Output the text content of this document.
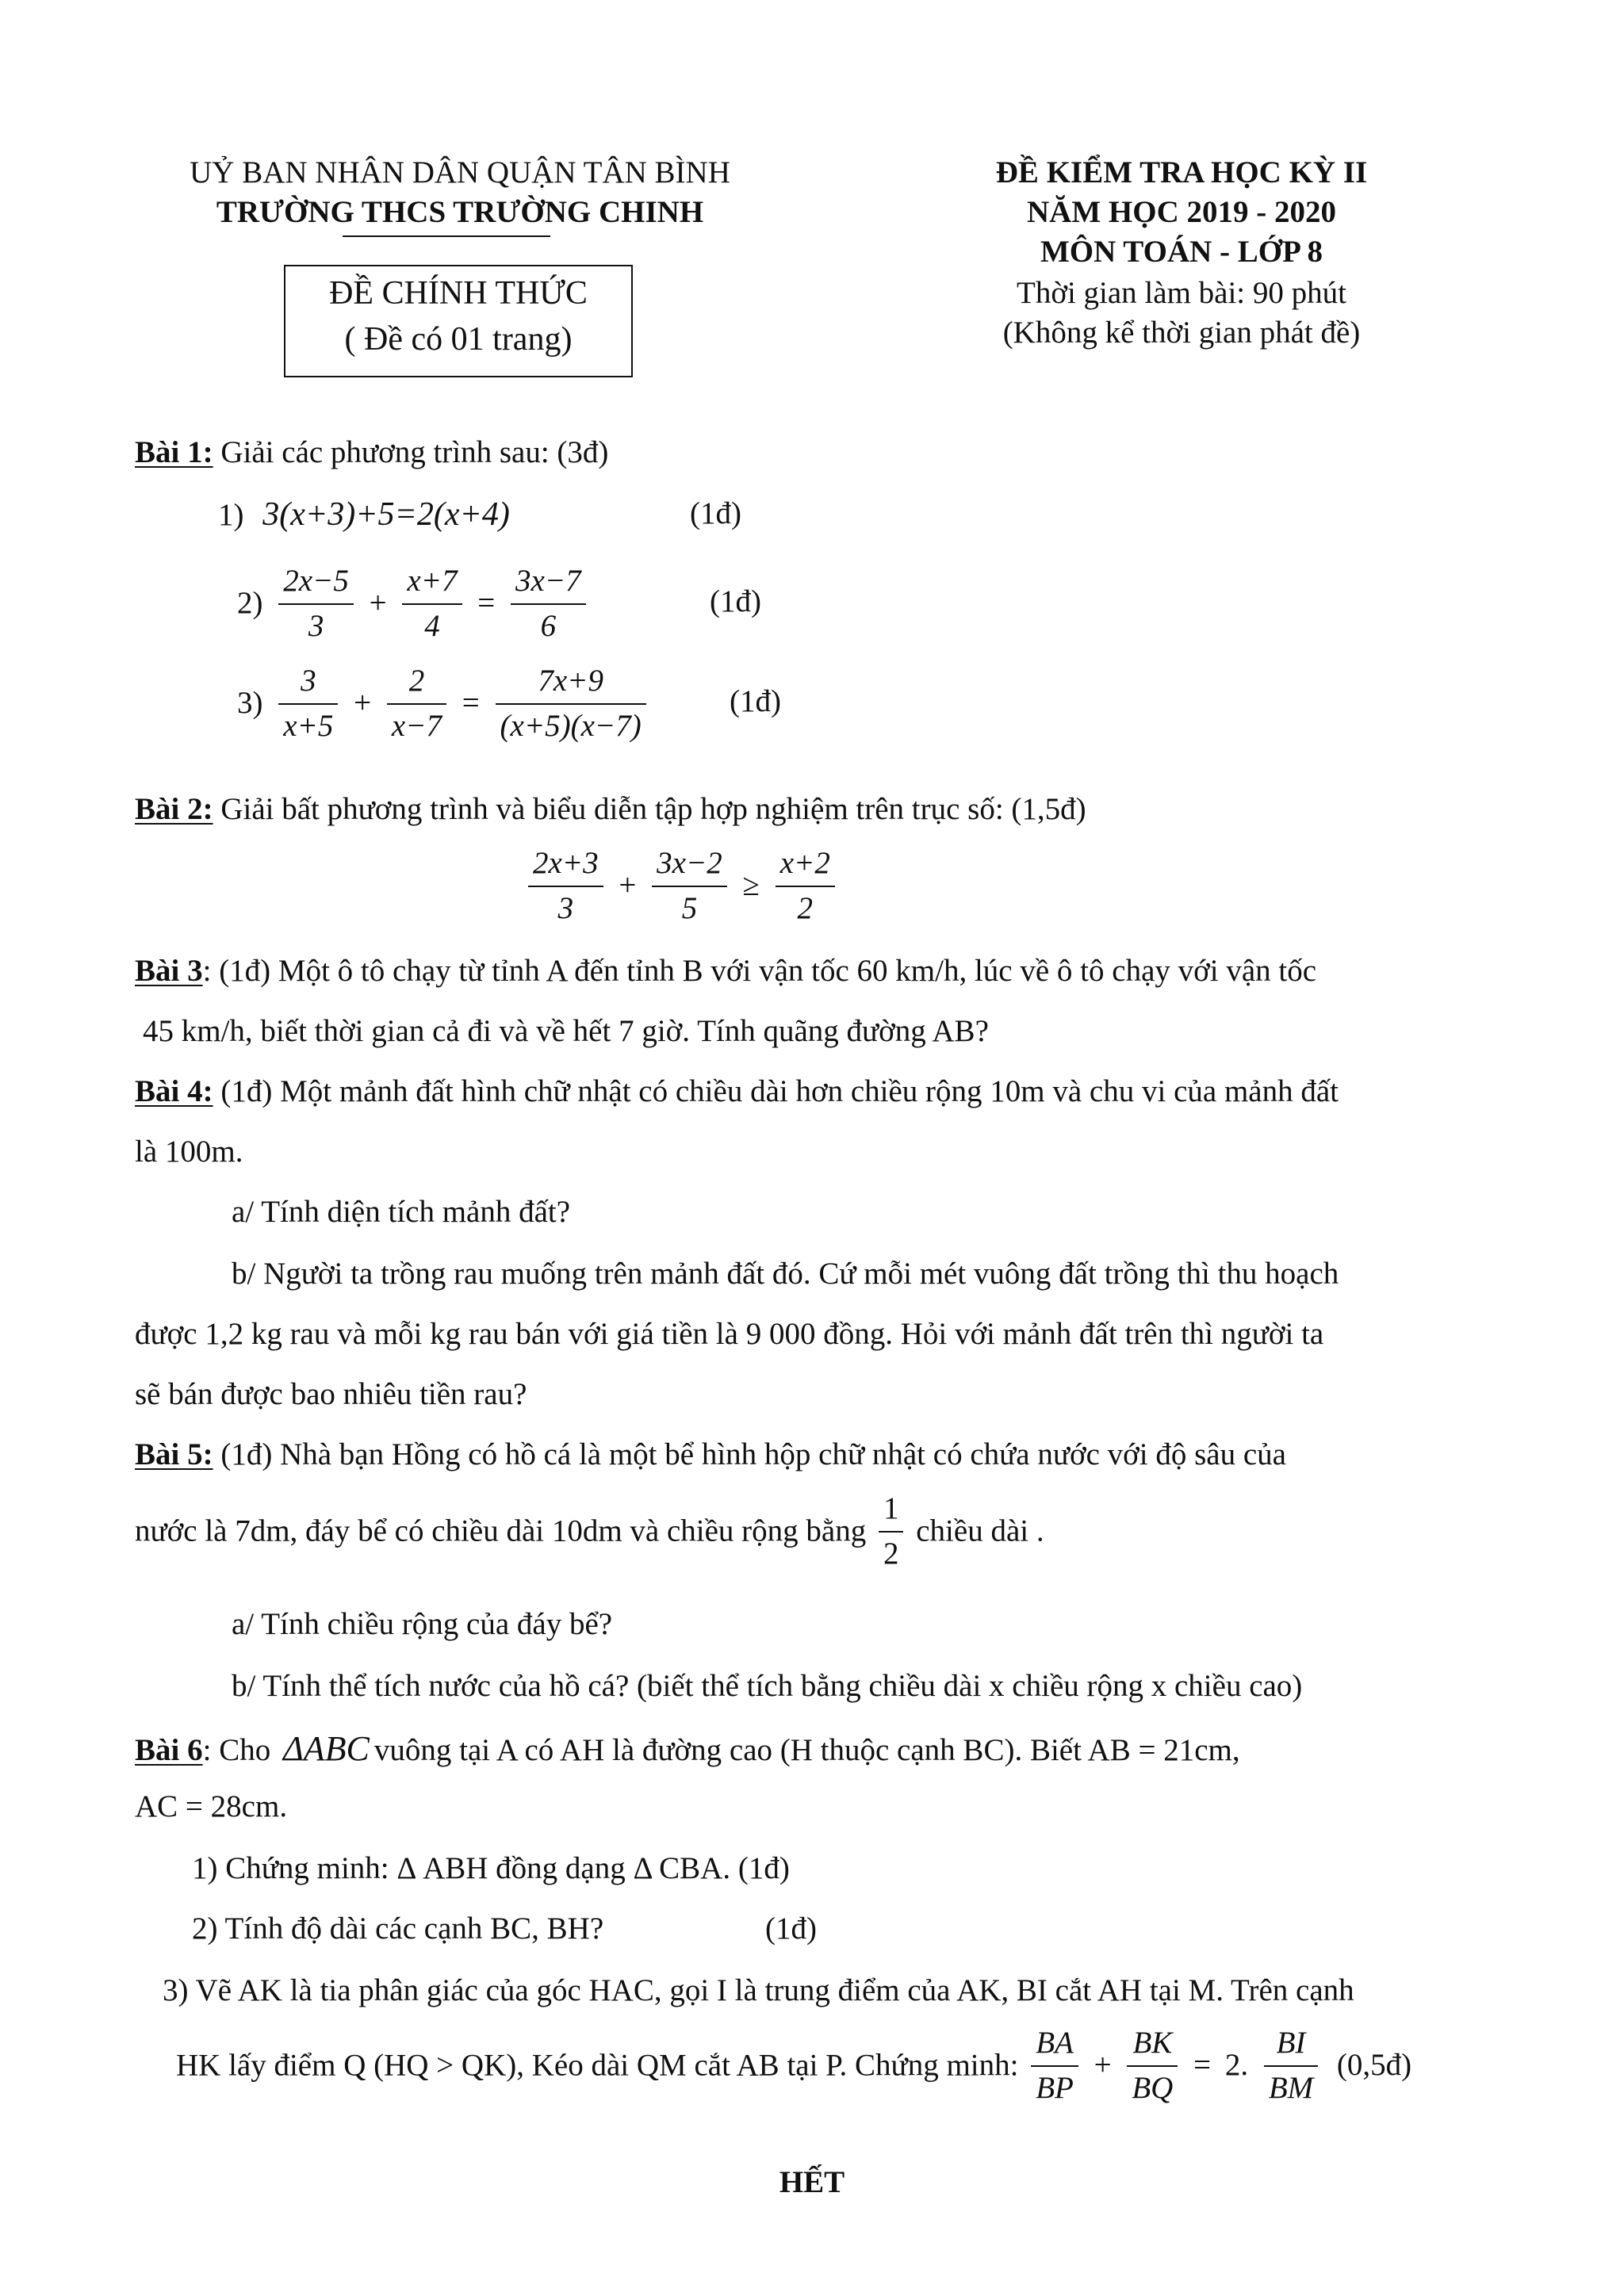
UỶ BAN NHÂN DÂN QUẬN TÂN BÌNH
TRƯỜNG THCS TRƯỜNG CHINH
ĐỀ CHÍNH THỨC
( Đề có 01 trang)
ĐỀ KIỂM TRA HỌC KỲ II
NĂM HỌC 2019 - 2020
MÔN TOÁN - LỚP 8
Thời gian làm bài: 90 phút
(Không kể thời gian phát đề)
Bài 1: Giải các phương trình sau: (3đ)
1) 3(x+3)+5=2(x+4)	(1đ)
$2) \frac{2x-5}{3} + \frac{x+7}{4} = \frac{3x-7}{6}$	(1đ)
$3) \frac{3}{x+5} + \frac{2}{x-7} = \frac{7x+9}{(x+5)(x-7)}$	(1đ)
Bài 2: Giải bất phương trình và biểu diễn tập hợp nghiệm trên trục số: (1,5đ)
$\frac{2x+3}{3} + \frac{3x-2}{5} \ge \frac{x+2}{2}$
Bài 3: (1đ) Một ô tô chạy từ tỉnh A đến tỉnh B với vận tốc 60 km/h, lúc về ô tô chạy với vận tốc
45 km/h, biết thời gian cả đi và về hết 7 giờ. Tính quãng đường AB?
Bài 4: (1đ) Một mảnh đất hình chữ nhật có chiều dài hơn chiều rộng 10m và chu vi của mảnh đất
là 100m.
a/ Tính diện tích mảnh đất?
b/ Người ta trồng rau muống trên mảnh đất đó. Cứ mỗi mét vuông đất trồng thì thu hoạch
được 1,2 kg rau và mỗi kg rau bán với giá tiền là 9 000 đồng. Hỏi với mảnh đất trên thì người ta
sẽ bán được bao nhiêu tiền rau?
Bài 5: (1đ) Nhà bạn Hồng có hồ cá là một bể hình hộp chữ nhật có chứa nước với độ sâu của
nước là 7dm, đáy bể có chiều dài 10dm và chiều rộng bằng $\frac{1}{2}$ chiều dài .
a/ Tính chiều rộng của đáy bể?
b/ Tính thể tích nước của hồ cá? (biết thể tích bằng chiều dài x chiều rộng x chiều cao)
Bài 6: Cho ΔABC vuông tại A có AH là đường cao (H thuộc cạnh BC). Biết AB = 21cm,
AC = 28cm.
1) Chứng minh: Δ ABH đồng dạng Δ CBA. (1đ)
2) Tính độ dài các cạnh BC, BH?	(1đ)
3) Vẽ AK là tia phân giác của góc HAC, gọi I là trung điểm của AK, BI cắt AH tại M. Trên cạnh
HK lấy điểm Q (HQ > QK), Kéo dài QM cắt AB tại P. Chứng minh: $\frac{BA}{BP} + \frac{BK}{BQ} = 2$. $\frac{BI}{BM}$ (0,5đ)
HẾT
